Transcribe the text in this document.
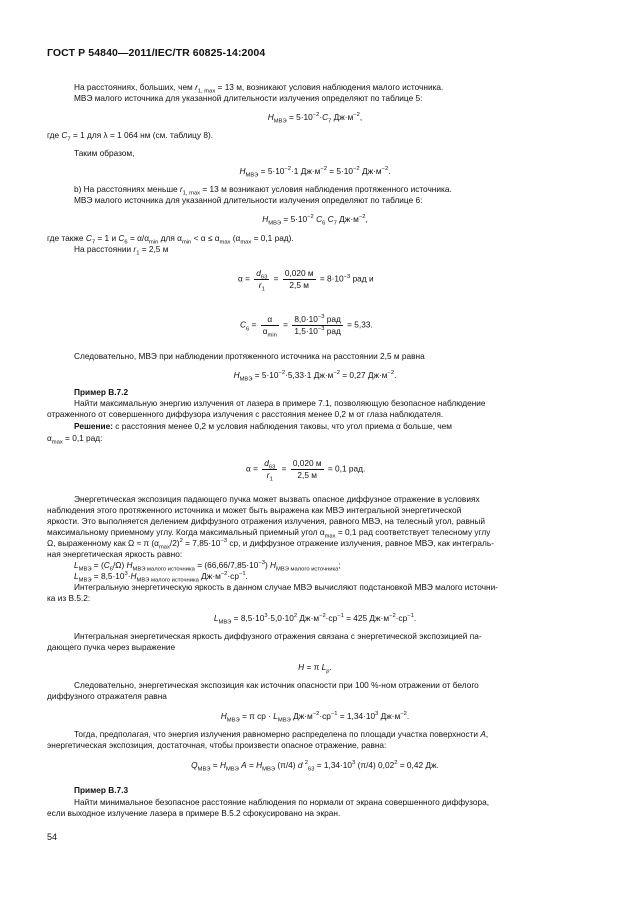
ГОСТ Р 54840—2011/IEC/TR 60825-14:2004
На расстояниях, больших, чем $r_{1, max} = 13$ м, возникают условия наблюдения малого источника.
МВЭ малого источника для указанной длительности излучения определяют по таблице 5:
$H_{МВЭ} = 5\cdot 10^{-2}\cdot C_7$ $Дж\cdot м^{-2}$,
где $C_7 = 1$ для λ = 1 064 нм (см. таблицу 8).
Таким образом,
$H_{МВЭ} = 5\cdot 10^{-2}\cdot 1$ $Дж\cdot м^{-2} = 5\cdot 10^{-2}$ $Дж\cdot м^{-2}$.
b) На расстояниях меньше $r_{1, max} = 13$ м возникают условия наблюдения протяженного источника.
МВЭ малого источника для указанной длительности излучения определяют по таблице 6:
$H_{МВЭ} = 5\cdot 10^{-2}$ $C_6$ $C_7$ $Дж\cdot м^{-2}$,
где также $C_7 = 1$ и $C_6 = \alpha/\alpha_{min}$ для $\alpha_{min} < \alpha \le \alpha_{max}$ ($\alpha_{max} = 0,1$ рад).
На расстоянии $r_1 = 2,5$ м
$\alpha = \frac{d_{63}}{r_1} = \frac{0,020 м}{2,5 м} = 8\cdot 10^{-3}$ рад и
$C_6 = \frac{\alpha}{\alpha_{min}} = \frac{8,0\cdot 10^{-3} рад}{1,5\cdot 10^{-3} рад} = 5,33$.
Следовательно, МВЭ при наблюдении протяженного источника на расстоянии 2,5 м равна
$H_{МВЭ} = 5\cdot 10^{-2}\cdot 5,33\cdot 1$ $Дж\cdot м^{-2} = 0,27$ $Дж\cdot м^{-2}$.
Пример В.7.2
Найти максимальную энергию излучения от лазера в примере 7.1, позволяющую безопасное наблюдение
отраженного от совершенного диффузора излучения с расстояния менее 0,2 м от глаза наблюдателя.
Решение: с расстояния менее 0,2 м условия наблюдения таковы, что угол приема α больше, чем
$\alpha_{max} = 0,1$ рад:
$\alpha = \frac{d_{63}}{r_1} = \frac{0,020 м}{2,5 м} = 0,1$ рад.
Энергетическая экспозиция падающего пучка может вызвать опасное диффузное отражение в условиях
наблюдения этого протяженного источника и может быть выражена как МВЭ интегральной энергетической
яркости. Это выполняется делением диффузного отражения излучения, равного МВЭ, на телесный угол, равный
максимальному приемному углу. Когда максимальный приемный угол $\alpha_{max} = 0,1$ рад соответствует телесному углу
Ω, выраженному как Ω ≈ π $(\alpha_{max}/2)^2 = 7,85\cdot 10^{-3}$ ср, и диффузное отражение излучения, равное МВЭ, как интеграль-
ная энергетическая яркость равно:
$L_{МВЭ} = (C_6/\Omega) H_{МВЭ малого источника} = (66,66/7,85\cdot 10^{-3})$ $H_{МВЭ малого источника}$;
$L_{МВЭ} = 8,5\cdot 10^3\cdot H_{МВЭ малого источника}$ $Дж\cdot м^{-2}\cdot ср^{-1}$.
Интегральную энергетическую яркость в данном случае МВЭ вычисляют подстановкой МВЭ малого источни-
ка из В.5.2:
$L_{МВЭ} = 8,5\cdot 10^3\cdot 5,0\cdot 10^2$ $Дж\cdot м^{-2}\cdot ср^{-1} = 425$ $Дж\cdot м^{-2}\cdot ср^{-1}$.
Интегральная энергетическая яркость диффузного отражения связана с энергетической экспозицией па-
дающего пучка через выражение
H = π $L_p$.
Следовательно, энергетическая экспозиция как источник опасности при 100 %-ном отражении от белого
диффузного отражателя равна
$H_{МВЭ} = \pi$ ср · $L_{МВЭ}$ $Дж\cdot м^{-2}\cdot ср^{-1} = 1,34\cdot 10^3$ $Дж\cdot м^{-2}$.
Тогда, предполагая, что энергия излучения равномерно распределена по площади участка поверхности A,
энергетическая экспозиция, достаточная, чтобы произвести опасное отражение, равна:
$Q_{МВЭ} = H_{МВЭ}$ $A = H_{МВЭ}$ (π/4) d $^2_{63} = 1,34\cdot 10^3$ (π/4) $0,02^2 = 0,42$ Дж.
Пример В.7.3
Найти минимальное безопасное расстояние наблюдения по нормали от экрана совершенного диффузора,
если выходное излучение лазера в примере В.5.2 сфокусировано на экран.
54
